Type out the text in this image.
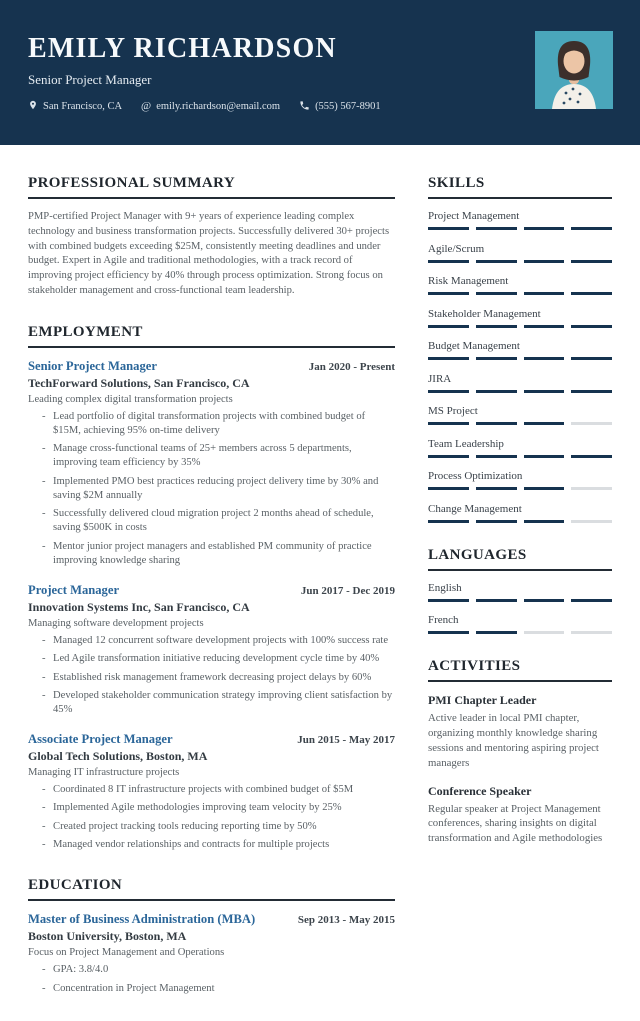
EMILY RICHARDSON
Senior Project Manager
San Francisco, CA @ emily.richardson@email.com	(555) 567-8901
PROFESSIONAL SUMMARY
PMP-certified Project Manager with 9+ years of experience leading complex technology and business transformation projects. Successfully delivered 30+ projects with combined budgets exceeding $25M, consistently meeting deadlines and under budget. Expert in Agile and traditional methodologies, with a track record of improving project efficiency by 40% through process optimization. Strong focus on stakeholder management and cross-functional team leadership.
EMPLOYMENT
Senior Project Manager	Jan 2020 - Present
TechForward Solutions, San Francisco, CA
Leading complex digital transformation projects
- Lead portfolio of digital transformation projects with combined budget of $15M, achieving 95% on-time delivery
- Manage cross-functional teams of 25+ members across 5 departments, improving team efficiency by 35%
- Implemented PMO best practices reducing project delivery time by 30% and saving $2M annually
- Successfully delivered cloud migration project 2 months ahead of schedule, saving $500K in costs
- Mentor junior project managers and established PM community of practice improving knowledge sharing
Project Manager	Jun 2017 - Dec 2019
Innovation Systems Inc, San Francisco, CA
Managing software development projects
- Managed 12 concurrent software development projects with 100% success rate
- Led Agile transformation initiative reducing development cycle time by 40%
- Established risk management framework decreasing project delays by 60%
- Developed stakeholder communication strategy improving client satisfaction by 45%
Associate Project Manager	Jun 2015 - May 2017
Global Tech Solutions, Boston, MA
Managing IT infrastructure projects
- Coordinated 8 IT infrastructure projects with combined budget of $5M
- Implemented Agile methodologies improving team velocity by 25%
- Created project tracking tools reducing reporting time by 50%
- Managed vendor relationships and contracts for multiple projects
EDUCATION
Master of Business Administration (MBA)	Sep 2013 - May 2015
Boston University, Boston, MA
Focus on Project Management and Operations
- GPA: 3.8/4.0
- Concentration in Project Management
SKILLS
Project Management
Agile/Scrum
Risk Management
Stakeholder Management
Budget Management
JIRA
MS Project
Team Leadership
Process Optimization
Change Management
LANGUAGES
English
French
ACTIVITIES
PMI Chapter Leader
Active leader in local PMI chapter, organizing monthly knowledge sharing sessions and mentoring aspiring project managers
Conference Speaker
Regular speaker at Project Management conferences, sharing insights on digital transformation and Agile methodologies
